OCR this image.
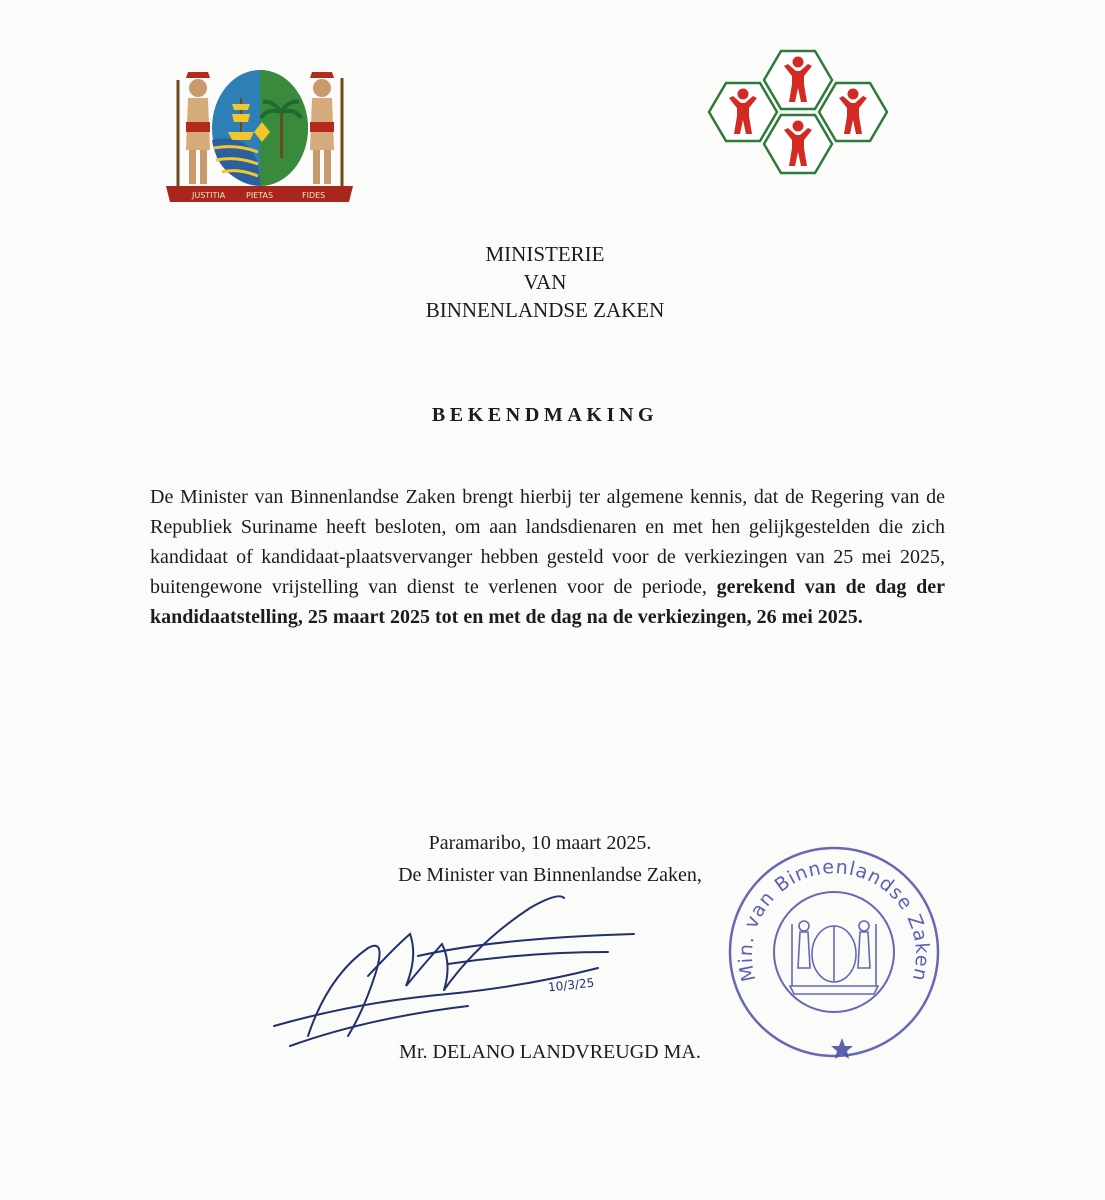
JUSTITIA	PIETAS	FIDES
MINISTERIE
VAN
BINNENLANDSE ZAKEN
BEKENDMAKING
De Minister van Binnenlandse Zaken brengt hierbij ter algemene kennis, dat de Regering van de Republiek Suriname heeft besloten, om aan landsdienaren en met hen gelijkgestelden die zich kandidaat of kandidaat-plaatsvervanger hebben gesteld voor de verkiezingen van 25 mei 2025, buitengewone vrijstelling van dienst te verlenen voor de periode, gerekend van de dag der kandidaatstelling, 25 maart 2025 tot en met de dag na de verkiezingen, 26 mei 2025.
Paramaribo, 10 maart 2025.
De Minister van Binnenlandse Zaken,
10/3/25
Min. van Binnenlandse Zaken
Mr. DELANO LANDVREUGD MA.
